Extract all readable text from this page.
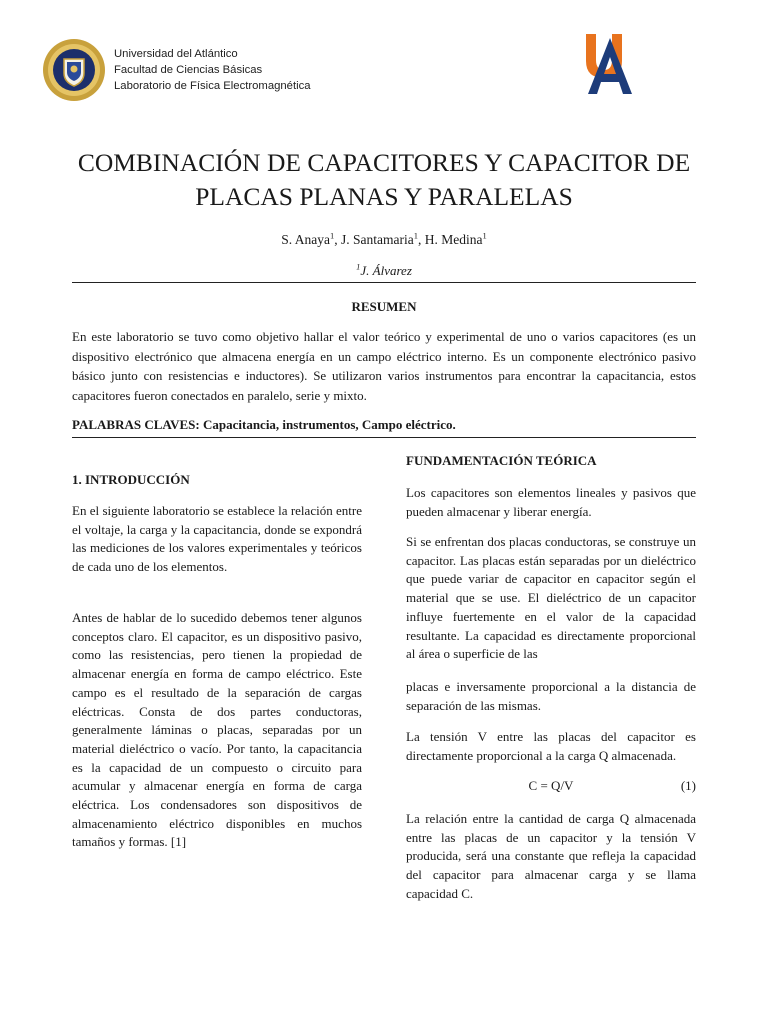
Universidad del Atlántico
Facultad de Ciencias Básicas
Laboratorio de Física Electromagnética
COMBINACIÓN DE CAPACITORES Y CAPACITOR DE
PLACAS PLANAS Y PARALELAS
S. Anaya$^1$, J. Santamaria$^1$, H. Medina$^1$
$^1$J. Álvarez
RESUMEN
En este laboratorio se tuvo como objetivo hallar el valor teórico y experimental de uno o varios capacitores (es un dispositivo electrónico que almacena energía en un campo eléctrico interno. Es un componente electrónico pasivo básico junto con resistencias e inductores). Se utilizaron varios instrumentos para encontrar la capacitancia, estos capacitores fueron conectados en paralelo, serie y mixto.
PALABRAS CLAVES: Capacitancia, instrumentos, Campo eléctrico.
1. INTRODUCCIÓN
En el siguiente laboratorio se establece la relación entre el voltaje, la carga y la capacitancia, donde se expondrá las mediciones de los valores experimentales y teóricos de cada uno de los elementos.
Antes de hablar de lo sucedido debemos tener algunos conceptos claro. El capacitor, es un dispositivo pasivo, como las resistencias, pero tienen la propiedad de almacenar energía en forma de campo eléctrico. Este campo es el resultado de la separación de cargas eléctricas. Consta de dos partes conductoras, generalmente láminas o placas, separadas por un material dieléctrico o vacío. Por tanto, la capacitancia es la capacidad de un compuesto o circuito para acumular y almacenar energía en forma de carga eléctrica. Los condensadores son dispositivos de almacenamiento eléctrico disponibles en muchos tamaños y formas. [1]
FUNDAMENTACIÓN TEÓRICA
Los capacitores son elementos lineales y pasivos que pueden almacenar y liberar energía.
Si se enfrentan dos placas conductoras, se construye un capacitor. Las placas están separadas por un dieléctrico que puede variar de capacitor en capacitor según el material que se use. El dieléctrico de un capacitor influye fuertemente en el valor de la capacidad resultante. La capacidad es directamente proporcional al área o superficie de las
placas e inversamente proporcional a la distancia de separación de las mismas.
La tensión V entre las placas del capacitor es directamente proporcional a la carga Q almacenada.
C = Q/V	(1)
La relación entre la cantidad de carga Q almacenada entre las placas de un capacitor y la tensión V producida, será una constante que refleja la capacidad del capacitor para almacenar carga y se llama capacidad C.
